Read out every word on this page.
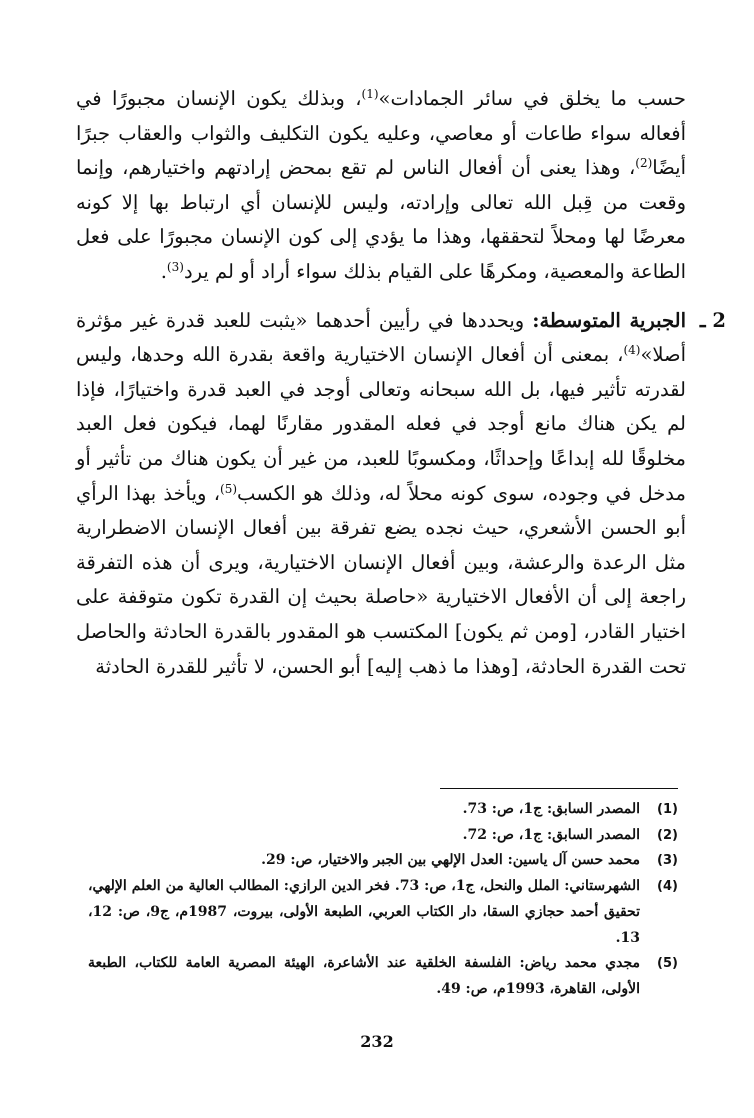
حسب ما يخلق في سائر الجمادات»$^{(1)}$، وبذلك يكون الإنسان مجبورًا في أفعاله سواء طاعات أو معاصي، وعليه يكون التكليف والثواب والعقاب جبرًا أيضًا$^{(2)}$، وهذا يعنى أن أفعال الناس لم تقع بمحض إرادتهم واختيارهم، وإنما وقعت من قِبل الله تعالى وإرادته، وليس للإنسان أي ارتباط بها إلا كونه معرضًا لها ومحلاً لتحققها، وهذا ما يؤدي إلى كون الإنسان مجبورًا على فعل الطاعة والمعصية، ومكرهًا على القيام بذلك سواء أراد أو لم يرد$^{(3)}$.

2 ـ

الجبرية المتوسطة: ويحددها في رأيين أحدهما «يثبت للعبد قدرة غير مؤثرة أصلا»$^{(4)}$، بمعنى أن أفعال الإنسان الاختيارية واقعة بقدرة الله وحدها، وليس لقدرته تأثير فيها، بل الله سبحانه وتعالى أوجد في العبد قدرة واختيارًا، فإذا لم يكن هناك مانع أوجد في فعله المقدور مقارنًا لهما، فيكون فعل العبد مخلوقًا لله إبداعًا وإحداثًا، ومكسوبًا للعبد، من غير أن يكون هناك من تأثير أو مدخل في وجوده، سوى كونه محلاً له، وذلك هو الكسب$^{(5)}$، ويأخذ بهذا الرأي أبو الحسن الأشعري، حيث نجده يضع تفرقة بين أفعال الإنسان الاضطرارية مثل الرعدة والرعشة، وبين أفعال الإنسان الاختيارية، ويرى أن هذه التفرقة راجعة إلى أن الأفعال الاختيارية «حاصلة بحيث إن القدرة تكون متوقفة على اختيار القادر، [ومن ثم يكون] المكتسب هو المقدور بالقدرة الحادثة والحاصل تحت القدرة الحادثة، [وهذا ما ذهب إليه] أبو الحسن، لا تأثير للقدرة الحادثة

(1)
المصدر السابق: ج1، ص: 73.
(2)
المصدر السابق: ج1، ص: 72.
(3)
محمد حسن آل ياسين: العدل الإلهي بين الجبر والاختيار، ص: 29.
(4)
الشهرستاني: الملل والنحل، ج1، ص: 73. فخر الدين الرازي: المطالب العالية من العلم الإلهي، تحقيق أحمد حجازي السقا، دار الكتاب العربي، الطبعة الأولى، بيروت، 1987م، ج9، ص: 12، 13.
(5)
مجدي محمد رياض: الفلسفة الخلقية عند الأشاعرة، الهيئة المصرية العامة للكتاب، الطبعة الأولى، القاهرة، 1993م، ص: 49.
232
